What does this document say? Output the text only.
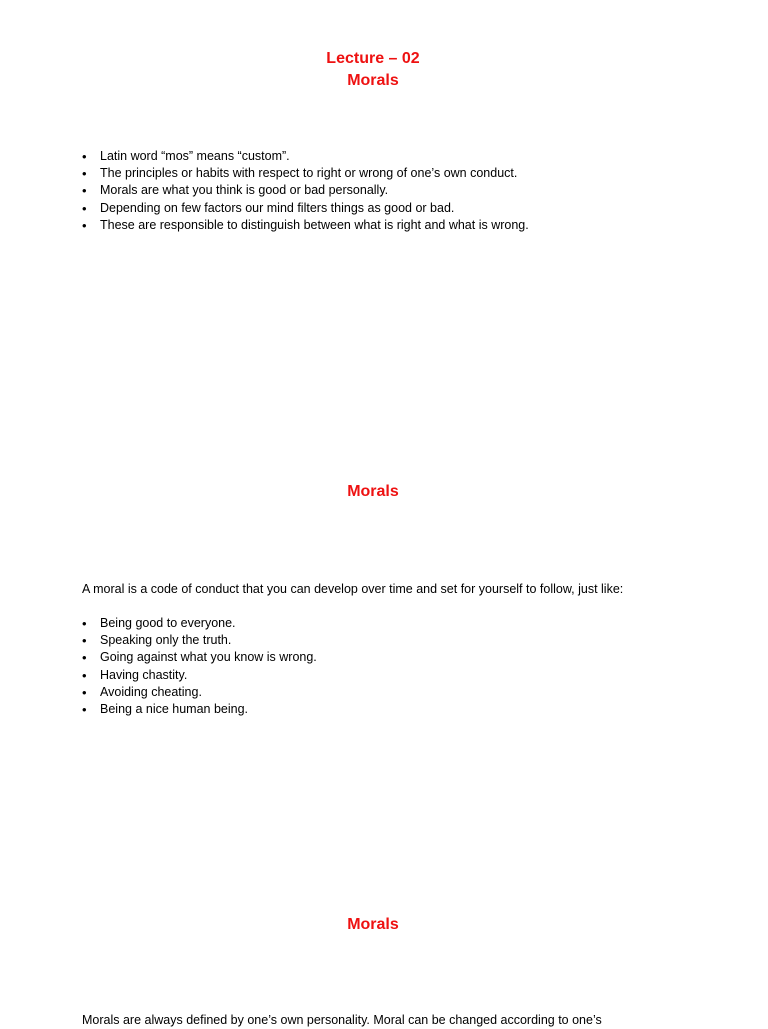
Lecture – 02
Morals
• Latin word “mos” means “custom”.
• The principles or habits with respect to right or wrong of one’s own conduct.
• Morals are what you think is good or bad personally.
• Depending on few factors our mind filters things as good or bad.
• These are responsible to distinguish between what is right and what is wrong.
Morals

A moral is a code of conduct that you can develop over time and set for yourself to follow, just like:

• Being good to everyone.
• Speaking only the truth.
• Going against what you know is wrong.
• Having chastity.
• Avoiding cheating.
• Being a nice human being.
Morals

Morals are always defined by one’s own personality. Moral can be changed according to one’s
